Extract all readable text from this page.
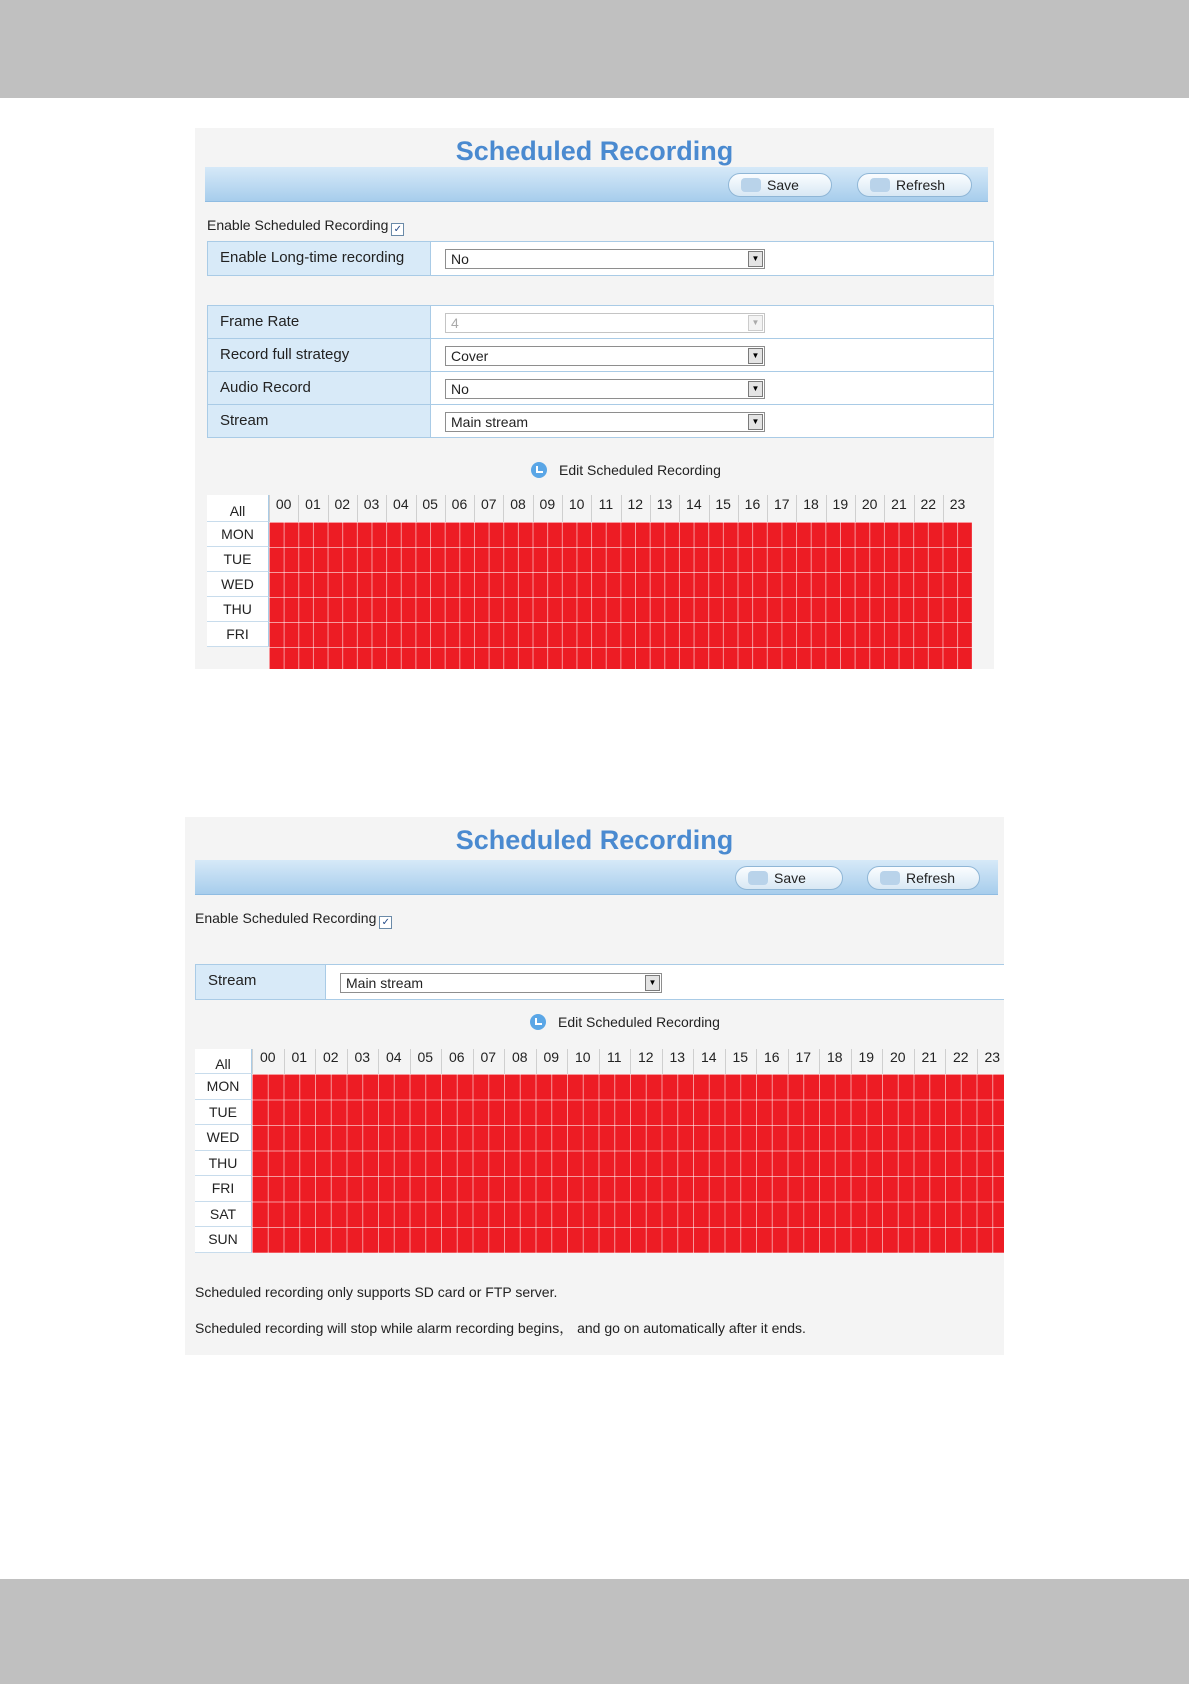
Scheduled Recording
Save	Refresh
Enable Scheduled Recording ✓
Enable Long-time recording	No	▼
Frame Rate	4	▼
Record full strategy	Cover	▼
Audio Record	No	▼
Stream	Main stream	▼
Edit Scheduled Recording
All	00 01 02 03 04 05 06 07 08 09 10	11	12 13 14 15 16 17 18 19 20 21 22 23
MON
TUE
WED
THU
FRI
Scheduled Recording
Save	Refresh
Enable Scheduled Recording ✓
Stream	Main stream	▼
Edit Scheduled Recording
All	00	01	02	03	04	05	06	07	08	09	10	11	12	13	14	15	16	17	18	19	20	21	22	23
MON
TUE
WED
THU
FRI
SAT
SUN
Scheduled recording only supports SD card or FTP server.
Scheduled recording will stop while alarm recording begins， and go on automatically after it ends.
